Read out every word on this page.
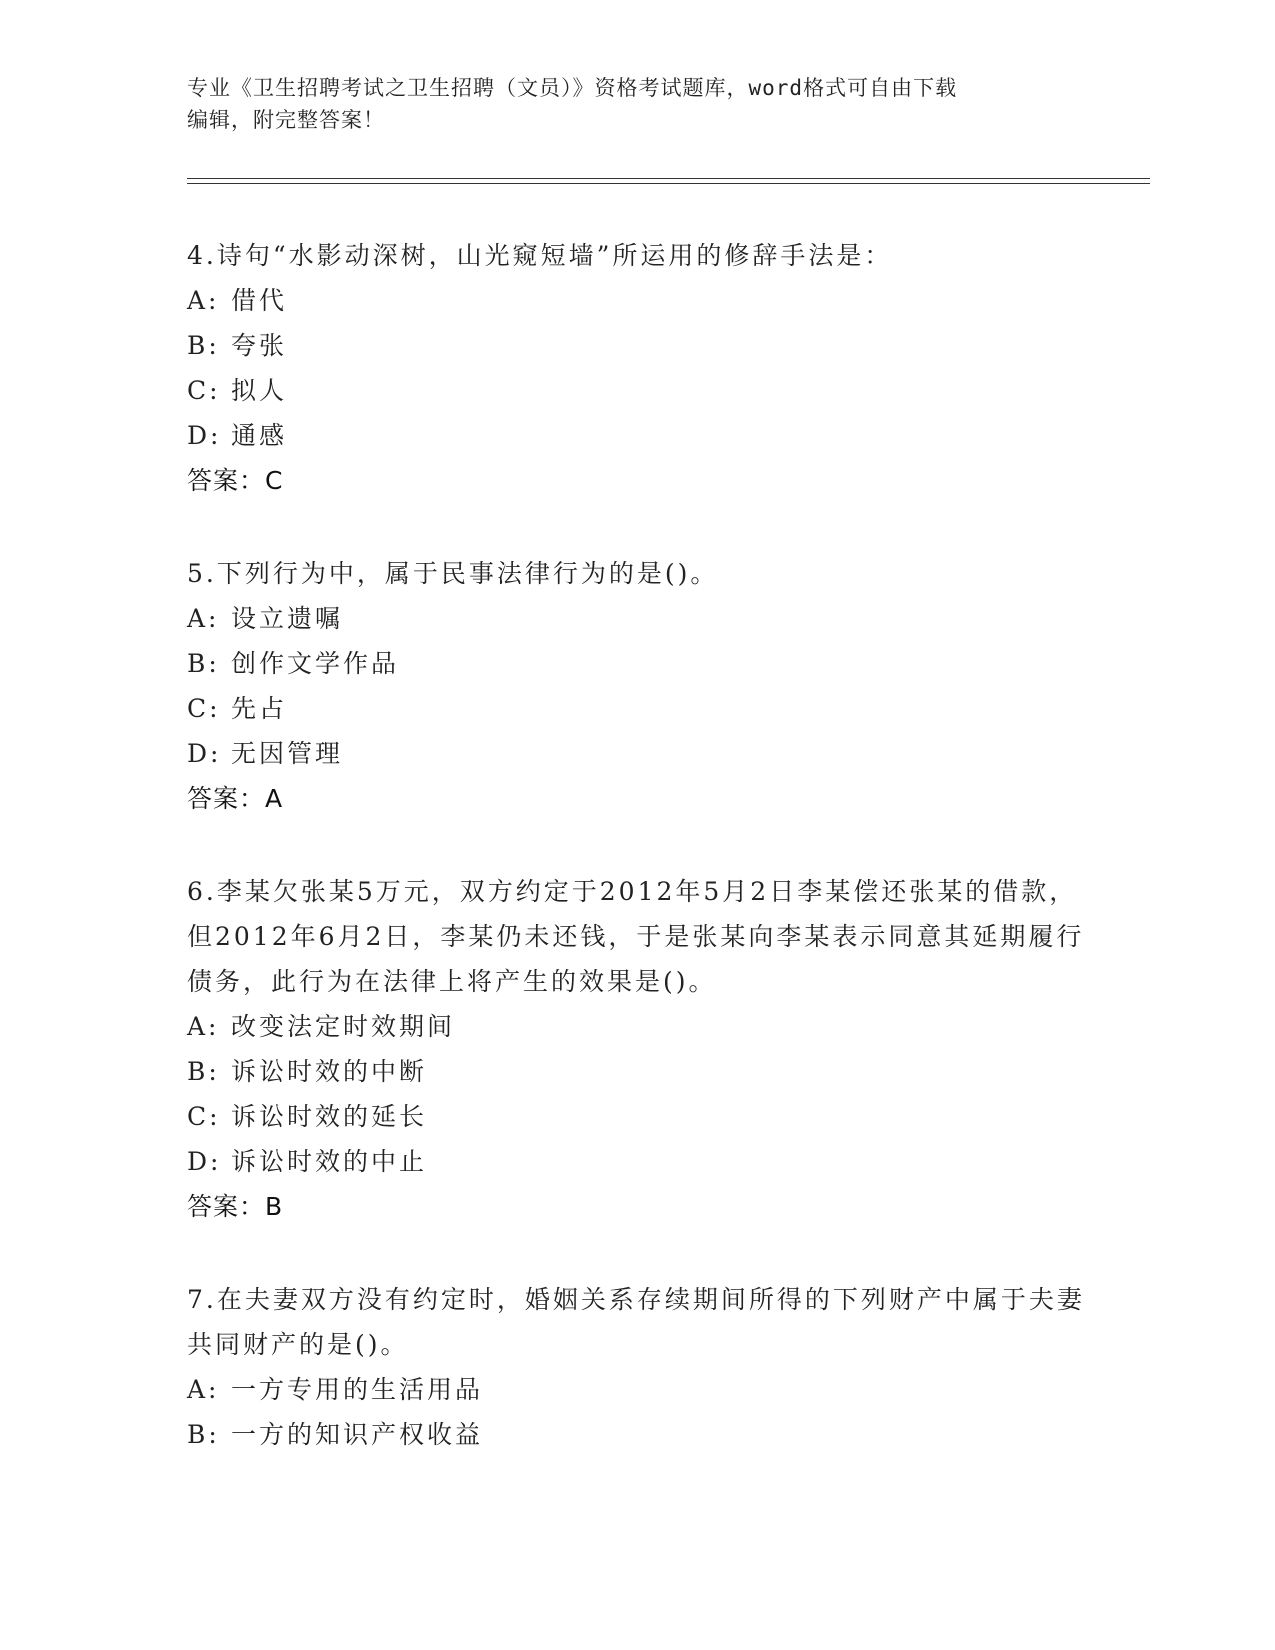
专业《卫生招聘考试之卫生招聘（文员）》资格考试题库，word格式可自由下载
编辑，附完整答案！

4.诗句“水影动深树，山光窥短墙”所运用的修辞手法是：

A: 借代

B: 夸张

C: 拟人

D: 通感

答案：C

5.下列行为中，属于民事法律行为的是()。

A: 设立遗嘱

B: 创作文学作品

C: 先占

D: 无因管理

答案：A

6.李某欠张某5万元，双方约定于2012年5月2日李某偿还张某的借款，但2012年6月2日，李某仍未还钱，于是张某向李某表示同意其延期履行债务，此行为在法律上将产生的效果是()。

A: 改变法定时效期间

B: 诉讼时效的中断

C: 诉讼时效的延长

D: 诉讼时效的中止

答案：B

7.在夫妻双方没有约定时，婚姻关系存续期间所得的下列财产中属于夫妻共同财产的是()。

A: 一方专用的生活用品

B: 一方的知识产权收益
